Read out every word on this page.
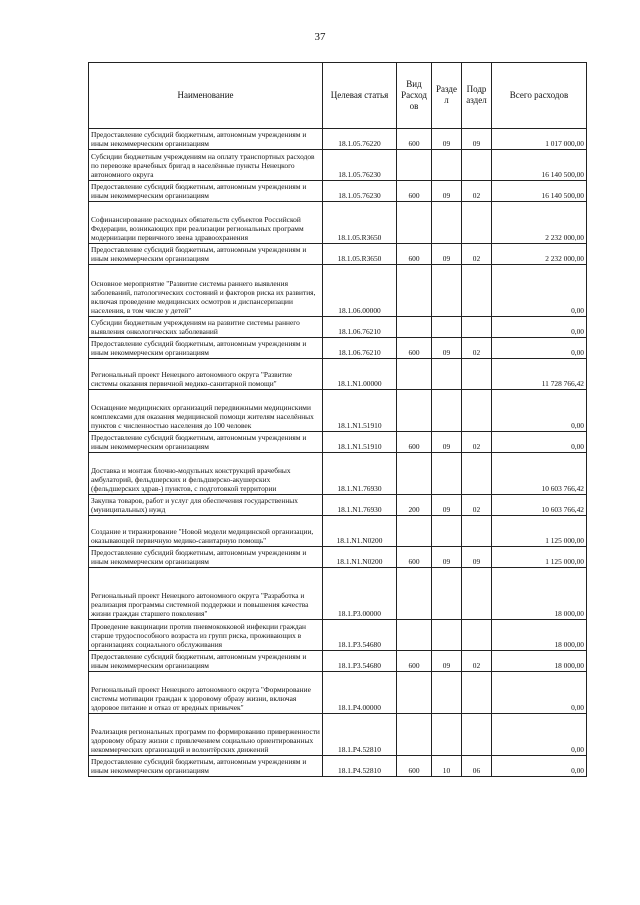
37
Наименование	Целевая статья	Вид Расход ов	Разде л	Подр аздел	Всего расходов
Предоставление субсидий бюджетным, автономным учреждениям и иным некоммерческим организациям	18.1.05.76220	600	09	09	1 017 000,00
Субсидии бюджетным учреждениям на оплату транспортных расходов по перевозке врачебных бригад в населённые пункты Ненецкого автономного округа	18.1.05.76230				16 140 500,00
Предоставление субсидий бюджетным, автономным учреждениям и иным некоммерческим организациям	18.1.05.76230	600	09	02	16 140 500,00
Софинансирование расходных обязательств субъектов Российской Федерации, возникающих при реализации региональных программ модернизации первичного звена здравоохранения	18.1.05.R3650				2 232 000,00
Предоставление субсидий бюджетным, автономным учреждениям и иным некоммерческим организациям	18.1.05.R3650	600	09	02	2 232 000,00
Основное мероприятие "Развитие системы раннего выявления заболеваний, патологических состояний и факторов риска их развития, включая проведение медицинских осмотров и диспансеризации населения, в том числе у детей"	18.1.06.00000				0,00
Субсидии бюджетным учреждениям на развитие системы раннего выявления онкологических заболеваний	18.1.06.76210				0,00
Предоставление субсидий бюджетным, автономным учреждениям и иным некоммерческим организациям	18.1.06.76210	600	09	02	0,00
Региональный проект Ненецкого автономного округа "Развитие системы оказания первичной медико-санитарной помощи"	18.1.N1.00000				11 728 766,42
Оснащение медицинских организаций передвижными медицинскими комплексами для оказания медицинской помощи жителям населённых пунктов с численностью населения до 100 человек	18.1.N1.51910				0,00
Предоставление субсидий бюджетным, автономным учреждениям и иным некоммерческим организациям	18.1.N1.51910	600	09	02	0,00
Доставка и монтаж блочно-модульных конструкций врачебных амбулаторий, фельдшерских и фельдшерско-акушерских (фельдшерских здрав-) пунктов, с подготовкой территории	18.1.N1.76930				10 603 766,42
Закупка товаров, работ и услуг для обеспечения государственных (муниципальных) нужд	18.1.N1.76930	200	09	02	10 603 766,42
Создание и тиражирование "Новой модели медицинской организации, оказывающей первичную медико-санитарную помощь"	18.1.N1.N0200				1 125 000,00
Предоставление субсидий бюджетным, автономным учреждениям и иным некоммерческим организациям	18.1.N1.N0200	600	09	09	1 125 000,00
Региональный проект Ненецкого автономного округа "Разработка и реализация программы системной поддержки и повышения качества жизни граждан старшего поколения"	18.1.P3.00000				18 000,00
Проведение вакцинации против пневмококковой инфекции граждан старше трудоспособного возраста из групп риска, проживающих в организациях социального обслуживания	18.1.P3.54680				18 000,00
Предоставление субсидий бюджетным, автономным учреждениям и иным некоммерческим организациям	18.1.P3.54680	600	09	02	18 000,00
Региональный проект Ненецкого автономного округа "Формирование системы мотивации граждан к здоровому образу жизни, включая здоровое питание и отказ от вредных привычек"	18.1.P4.00000				0,00
Реализация региональных программ по формированию приверженности здоровому образу жизни с привлечением социально ориентированных некоммерческих организаций и волонтёрских движений	18.1.P4.52810				0,00
Предоставление субсидий бюджетным, автономным учреждениям и иным некоммерческим организациям	18.1.P4.52810	600	10	06	0,00
